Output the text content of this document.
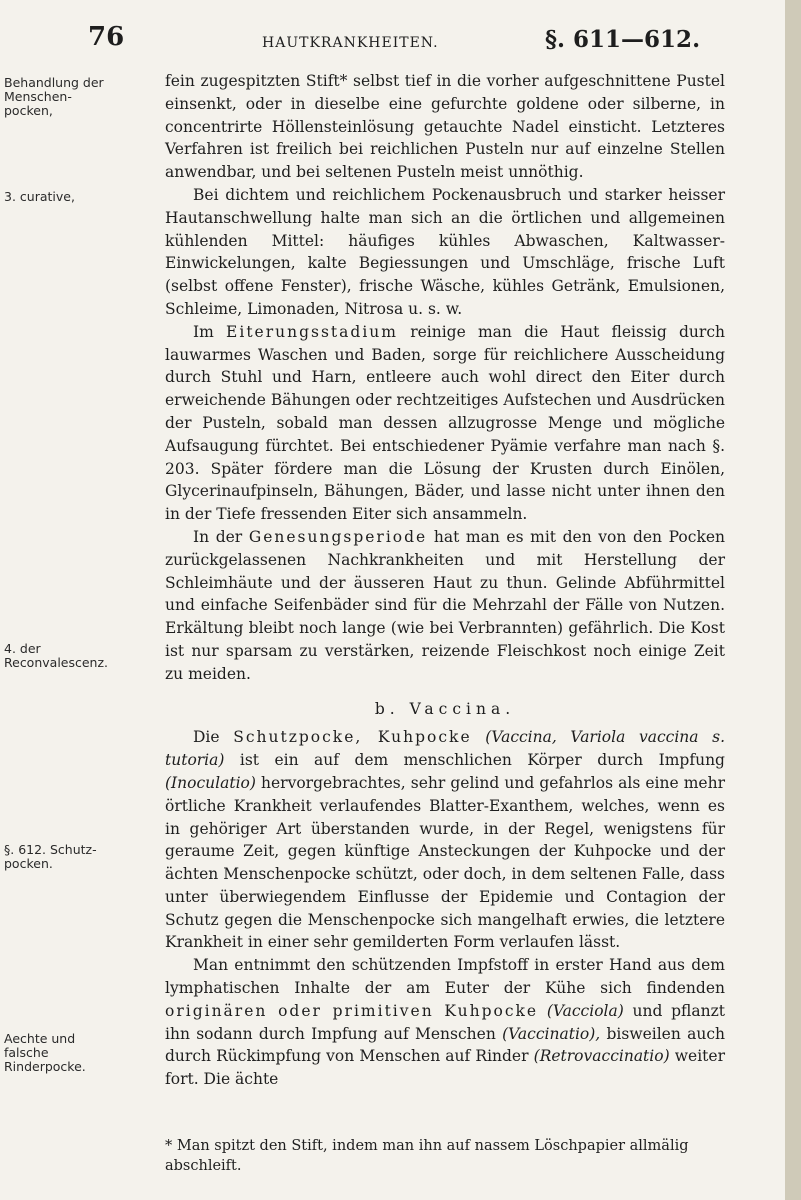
76	HAUTKRANKHEITEN.	§. 611—612.
Behandlung der Menschen-pocken,
3. curative,
4. der Reconvalescenz.
§. 612. Schutz-pocken.
Aechte und falsche Rinderpocke.

fein zugespitzten Stift* selbst tief in die vorher aufgeschnittene Pustel einsenkt, oder in dieselbe eine gefurchte goldene oder silberne, in concentrirte Höllensteinlösung getauchte Nadel einsticht. Letzteres Verfahren ist freilich bei reichlichen Pusteln nur auf einzelne Stellen anwendbar, und bei seltenen Pusteln meist unnöthig.

Bei dichtem und reichlichem Pockenausbruch und starker heisser Hautanschwellung halte man sich an die örtlichen und allgemeinen kühlenden Mittel: häufiges kühles Abwaschen, Kaltwasser-Einwickelungen, kalte Begiessungen und Umschläge, frische Luft (selbst offene Fenster), frische Wäsche, kühles Getränk, Emulsionen, Schleime, Limonaden, Nitrosa u. s. w.

Im Eiterungsstadium reinige man die Haut fleissig durch lauwarmes Waschen und Baden, sorge für reichlichere Ausscheidung durch Stuhl und Harn, entleere auch wohl direct den Eiter durch erweichende Bähungen oder rechtzeitiges Aufstechen und Ausdrücken der Pusteln, sobald man dessen allzugrosse Menge und mögliche Aufsaugung fürchtet. Bei entschiedener Pyämie verfahre man nach §. 203. Später fördere man die Lösung der Krusten durch Einölen, Glycerinaufpinseln, Bähungen, Bäder, und lasse nicht unter ihnen den in der Tiefe fressenden Eiter sich ansammeln.

In der Genesungsperiode hat man es mit den von den Pocken zurückgelassenen Nachkrankheiten und mit Herstellung der Schleimhäute und der äusseren Haut zu thun. Gelinde Abführmittel und einfache Seifenbäder sind für die Mehrzahl der Fälle von Nutzen. Erkältung bleibt noch lange (wie bei Verbrannten) gefährlich. Die Kost ist nur sparsam zu verstärken, reizende Fleischkost noch einige Zeit zu meiden.

b. Vaccina.

Die Schutzpocke, Kuhpocke (Vaccina, Variola vaccina s. tutoria) ist ein auf dem menschlichen Körper durch Impfung (Inoculatio) hervorgebrachtes, sehr gelind und gefahrlos als eine mehr örtliche Krankheit verlaufendes Blatter-Exanthem, welches, wenn es in gehöriger Art überstanden wurde, in der Regel, wenigstens für geraume Zeit, gegen künftige Ansteckungen der Kuhpocke und der ächten Menschenpocke schützt, oder doch, in dem seltenen Falle, dass unter überwiegendem Einflusse der Epidemie und Contagion der Schutz gegen die Menschenpocke sich mangelhaft erwies, die letztere Krankheit in einer sehr gemilderten Form verlaufen lässt.

Man entnimmt den schützenden Impfstoff in erster Hand aus dem lymphatischen Inhalte der am Euter der Kühe sich findenden originären oder primitiven Kuhpocke (Vacciola) und pflanzt ihn sodann durch Impfung auf Menschen (Vaccinatio), bisweilen auch durch Rückimpfung von Menschen auf Rinder (Retrovaccinatio) weiter fort. Die ächte

* Man spitzt den Stift, indem man ihn auf nassem Löschpapier allmälig abschleift.
